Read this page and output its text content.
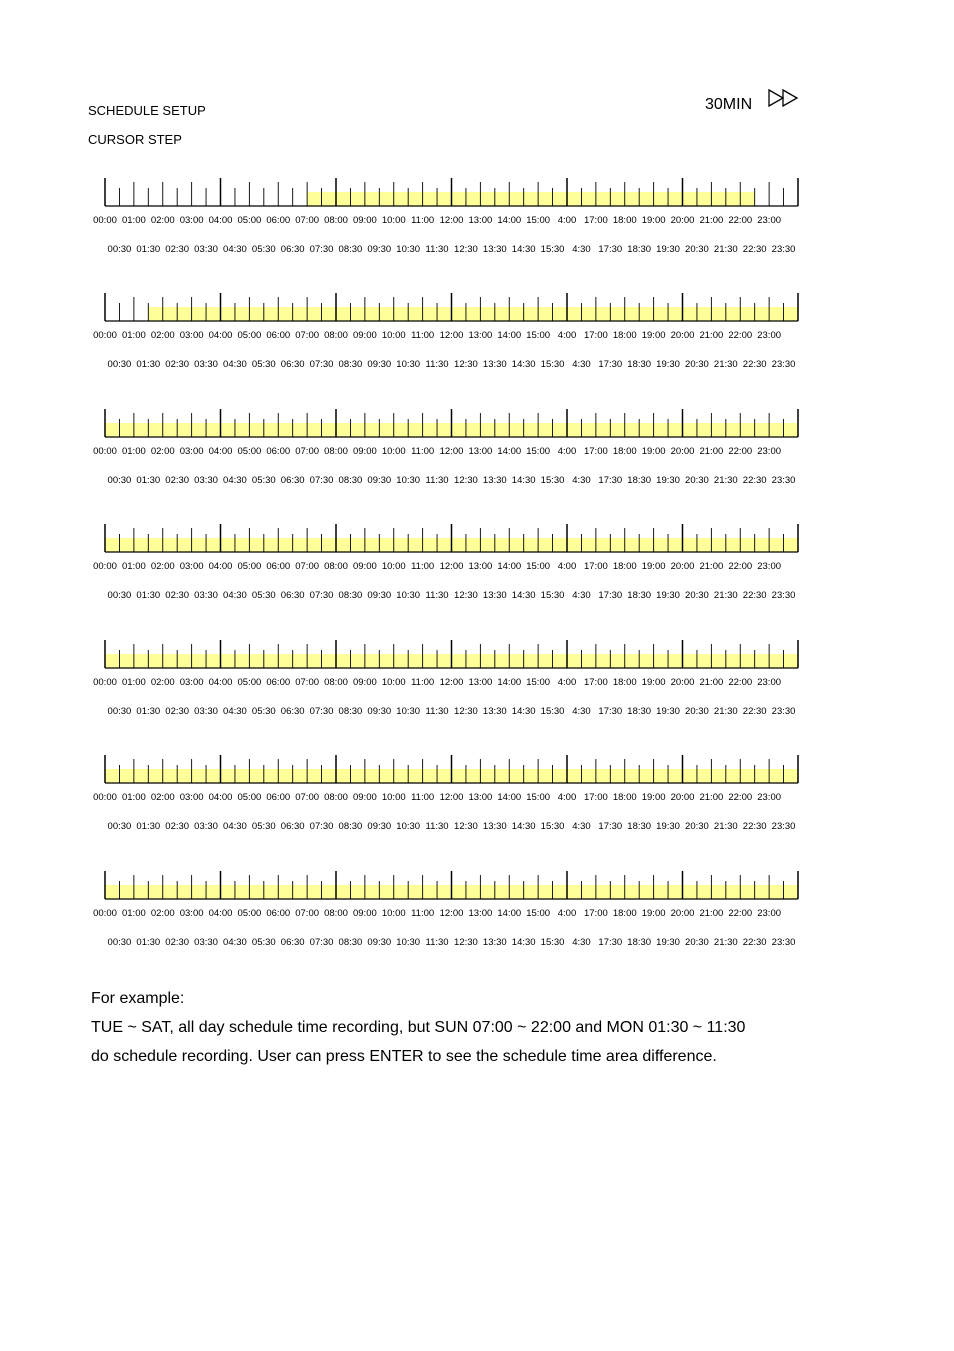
SCHEDULE SETUP
CURSOR STEP
30MIN
00:00 01:00 02:00 03:00 04:00 05:00 06:00 07:00 08:00 09:00 10:00 11:00 12:00 13:00 14:00 15:00 4:00 17:00 18:00 19:00 20:00 21:00 22:00 23:00
00:30 01:30 02:30 03:30 04:30 05:30 06:30 07:30 08:30 09:30 10:30 11:30 12:30 13:30 14:30 15:30 4:30 17:30 18:30 19:30 20:30 21:30 22:30 23:30
00:00 01:00 02:00 03:00 04:00 05:00 06:00 07:00 08:00 09:00 10:00 11:00 12:00 13:00 14:00 15:00 4:00 17:00 18:00 19:00 20:00 21:00 22:00 23:00
00:30 01:30 02:30 03:30 04:30 05:30 06:30 07:30 08:30 09:30 10:30 11:30 12:30 13:30 14:30 15:30 4:30 17:30 18:30 19:30 20:30 21:30 22:30 23:30
00:00 01:00 02:00 03:00 04:00 05:00 06:00 07:00 08:00 09:00 10:00 11:00 12:00 13:00 14:00 15:00 4:00 17:00 18:00 19:00 20:00 21:00 22:00 23:00
00:30 01:30 02:30 03:30 04:30 05:30 06:30 07:30 08:30 09:30 10:30 11:30 12:30 13:30 14:30 15:30 4:30 17:30 18:30 19:30 20:30 21:30 22:30 23:30
00:00 01:00 02:00 03:00 04:00 05:00 06:00 07:00 08:00 09:00 10:00 11:00 12:00 13:00 14:00 15:00 4:00 17:00 18:00 19:00 20:00 21:00 22:00 23:00
00:30 01:30 02:30 03:30 04:30 05:30 06:30 07:30 08:30 09:30 10:30 11:30 12:30 13:30 14:30 15:30 4:30 17:30 18:30 19:30 20:30 21:30 22:30 23:30
00:00 01:00 02:00 03:00 04:00 05:00 06:00 07:00 08:00 09:00 10:00 11:00 12:00 13:00 14:00 15:00 4:00 17:00 18:00 19:00 20:00 21:00 22:00 23:00
00:30 01:30 02:30 03:30 04:30 05:30 06:30 07:30 08:30 09:30 10:30 11:30 12:30 13:30 14:30 15:30 4:30 17:30 18:30 19:30 20:30 21:30 22:30 23:30
00:00 01:00 02:00 03:00 04:00 05:00 06:00 07:00 08:00 09:00 10:00 11:00 12:00 13:00 14:00 15:00 4:00 17:00 18:00 19:00 20:00 21:00 22:00 23:00
00:30 01:30 02:30 03:30 04:30 05:30 06:30 07:30 08:30 09:30 10:30 11:30 12:30 13:30 14:30 15:30 4:30 17:30 18:30 19:30 20:30 21:30 22:30 23:30
00:00 01:00 02:00 03:00 04:00 05:00 06:00 07:00 08:00 09:00 10:00 11:00 12:00 13:00 14:00 15:00 4:00 17:00 18:00 19:00 20:00 21:00 22:00 23:00
00:30 01:30 02:30 03:30 04:30 05:30 06:30 07:30 08:30 09:30 10:30 11:30 12:30 13:30 14:30 15:30 4:30 17:30 18:30 19:30 20:30 21:30 22:30 23:30
For example:
TUE ~ SAT, all day schedule time recording, but SUN 07:00 ~ 22:00 and MON 01:30 ~ 11:30
do schedule recording. User can press ENTER to see the schedule time area difference.
